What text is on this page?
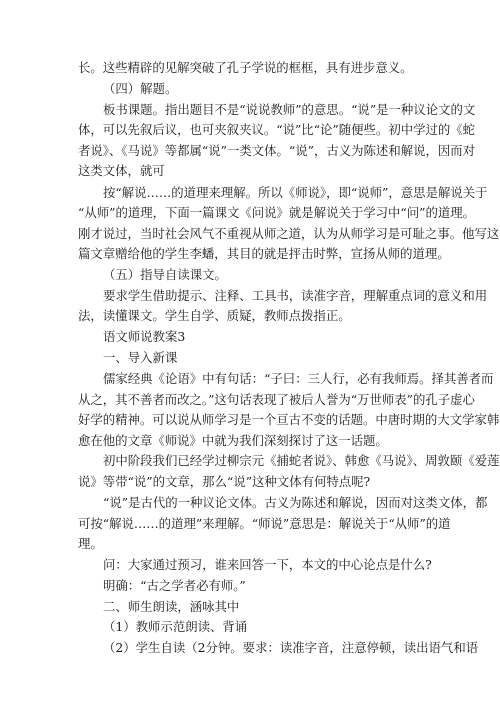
长。这些精辟的见解突破了孔子学说的框框，具有进步意义。
（四）解题。
板书课题。指出题目不是“说说教师”的意思。“说”是一种议论文的文
体，可以先叙后议，也可夹叙夹议。“说”比“论”随便些。初中学过的《蛇
者说》、《马说》等都属“说”一类文体。“说”，古义为陈述和解说，因而对
这类文体，就可
按“解说……的道理来理解。所以《师说》，即“说师”，意思是解说关于
“从师”的道理，下面一篇课文《问说》就是解说关于学习中“问”的道理。
刚才说过，当时社会风气不重视从师之道，认为从师学习是可耻之事。他写这
篇文章赠给他的学生李蟠，其目的就是抨击时弊，宣扬从师的道理。
（五）指导自读课文。
要求学生借助提示、注释、工具书，读准字音，理解重点词的意义和用
法，读懂课文。学生自学、质疑，教师点拨指正。
语文师说教案3
一、导入新课
儒家经典《论语》中有句话：“子曰：三人行，必有我师焉。择其善者而
从之，其不善者而改之。”这句话表现了被后人誉为“万世师表”的孔子虚心
好学的精神。可以说从师学习是一个亘古不变的话题。中唐时期的大文学家韩
愈在他的文章《师说》中就为我们深刻探讨了这一话题。
初中阶段我们已经学过柳宗元《捕蛇者说》、韩愈《马说》、周敦颐《爱莲
说》等带“说”的文章，那么“说”这种文体有何特点呢?
“说”是古代的一种议论文体。古义为陈述和解说，因而对这类文体，都
可按“解说……的道理”来理解。“师说”意思是：解说关于“从师”的道
理。
问：大家通过预习，谁来回答一下，本文的中心论点是什么?
明确：“古之学者必有师。”
二、师生朗读，涵咏其中
（1）教师示范朗读、背诵
（2）学生自读（2分钟。要求：读准字音，注意停顿，读出语气和语
